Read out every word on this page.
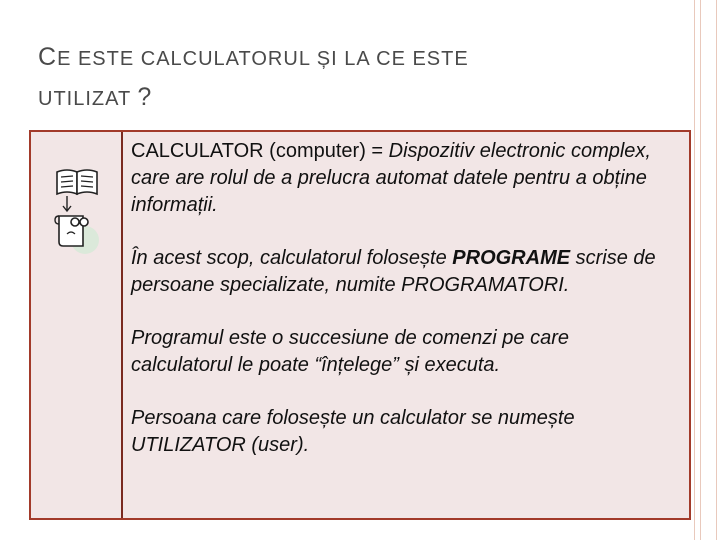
CE ESTE CALCULATORUL ȘI LA CE ESTE
UTILIZAT ?

CALCULATOR (computer) = Dispozitiv electronic complex, care are rolul de a prelucra automat datele pentru a obține informații.

În acest scop, calculatorul folosește PROGRAME scrise de persoane specializate, numite PROGRAMATORI.

Programul este o succesiune de comenzi pe care calculatorul le poate “înțelege” și executa.

Persoana care folosește un calculator se numește UTILIZATOR (user).
